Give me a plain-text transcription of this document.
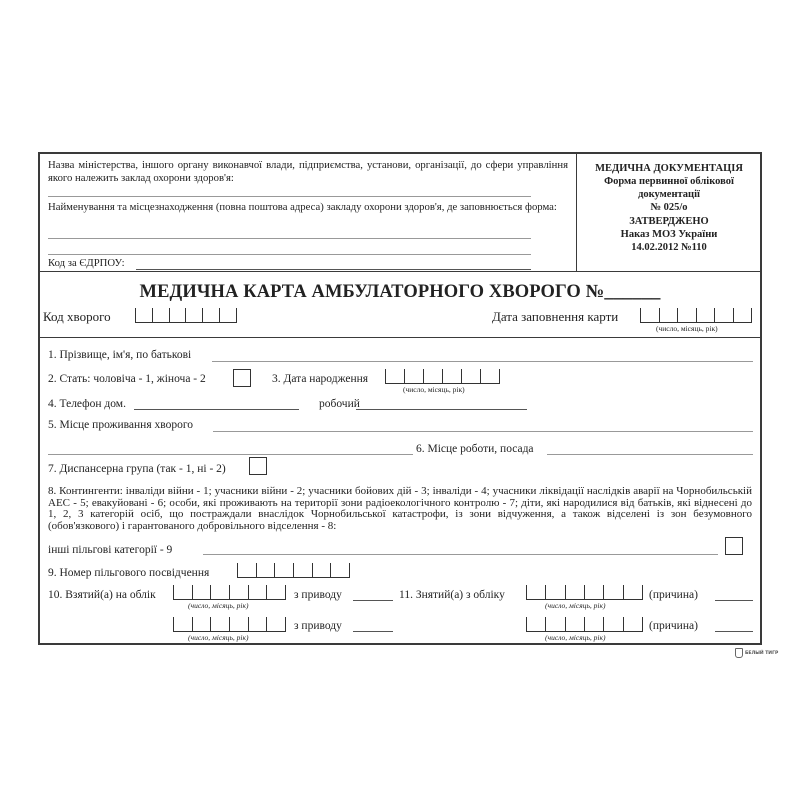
Назва міністерства, іншого органу виконавчої влади, підприємства, установи, організації, до сфери управління якого належить заклад охорони здоров'я:
Найменування та місцезнаходження (повна поштова адреса) закладу охорони здоров'я, де заповнюється форма:
Код за ЄДРПОУ:
МЕДИЧНА ДОКУМЕНТАЦІЯ
Форма первинної облікової
документації
№ 025/о
ЗАТВЕРДЖЕНО
Наказ МОЗ України
14.02.2012 №110
МЕДИЧНА КАРТА АМБУЛАТОРНОГО ХВОРОГО №______
Код хворого	Дата заповнення карти
(число, місяць, рік)
1. Прізвище, ім'я, по батькові
2. Стать: чоловіча - 1, жіноча - 2	3. Дата народження
(число, місяць, рік)
4. Телефон дом.	робочий
5. Місце проживання хворого
6. Місце роботи, посада
7. Диспансерна група (так - 1, ні - 2)
8. Контингенти: інваліди війни - 1; учасники війни - 2; учасники бойових дій - 3; інваліди - 4; учасники ліквідації наслідків аварії на Чорнобильській АЕС - 5; евакуйовані - 6; особи, які проживають на території зони радіоекологічного контролю - 7; діти, які народилися від батьків, які віднесені до 1, 2, 3 категорій осіб, що постраждали внаслідок Чорнобильської катастрофи, із зони відчуження, а також відселені із зон безумовного (обов'язкового) і гарантованого добровільного відселення - 8:
інші пільгові категорії - 9
9. Номер пільгового посвідчення
10. Взятий(а) на облік
(число, місяць, рік)
з приводу	11. Знятий(а) з обліку
(число, місяць, рік)
(причина)
(число, місяць, рік)
з приводу
(число, місяць, рік)
(причина)
БЕЛЫЙ ТИГР
